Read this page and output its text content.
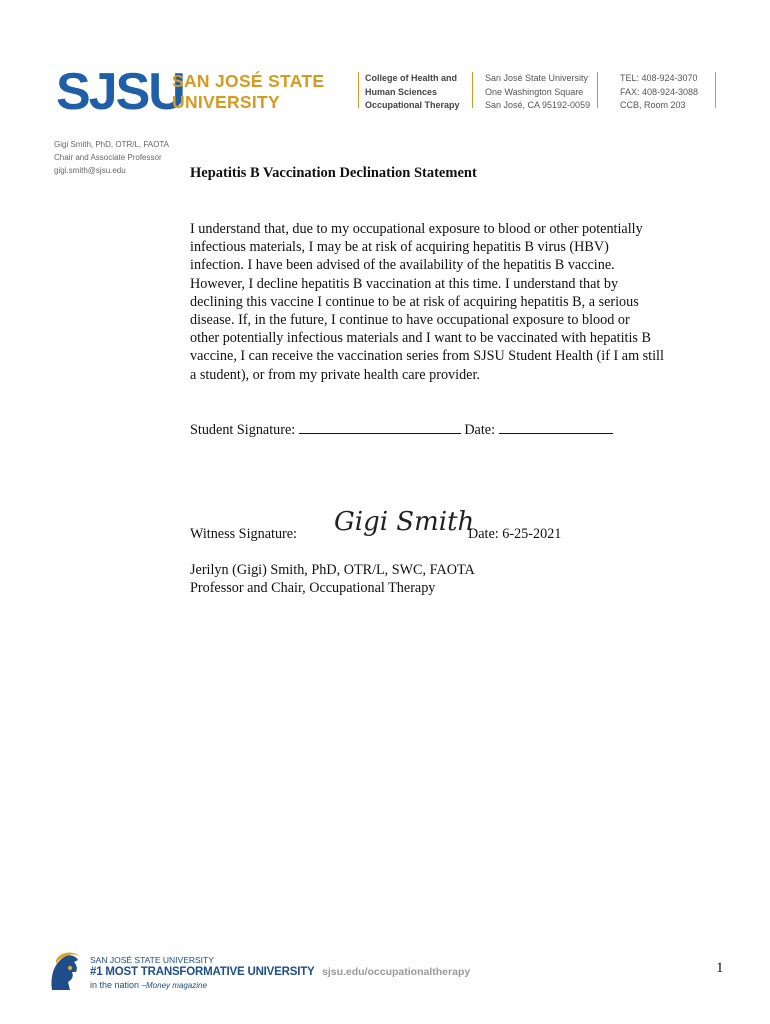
SJSU
SAN JOSÉ STATE
UNIVERSITY
College of Health and
Human Sciences
Occupational Therapy
San José State University
One Washington Square
San José, CA 95192-0059
TEL: 408-924-3070
FAX: 408-924-3088
CCB, Room 203
Gigi Smith, PhD, OTR/L, FAOTA
Chair and Associate Professor
gigi.smith@sjsu.edu	Hepatitis B Vaccination Declination Statement
I understand that, due to my occupational exposure to blood or other potentially
infectious materials, I may be at risk of acquiring hepatitis B virus (HBV)
infection. I have been advised of the availability of the hepatitis B vaccine.
However, I decline hepatitis B vaccination at this time. I understand that by
declining this vaccine I continue to be at risk of acquiring hepatitis B, a serious
disease. If, in the future, I continue to have occupational exposure to blood or
other potentially infectious materials and I want to be vaccinated with hepatitis B
vaccine, I can receive the vaccination series from SJSU Student Health (if I am still
a student), or from my private health care provider.
Student Signature:	Date:
Witness Signature: Gigi Smith
Date: 6-25-2021
Jerilyn (Gigi) Smith, PhD, OTR/L, SWC, FAOTA
Professor and Chair, Occupational Therapy
SAN JOSÉ STATE UNIVERSITY
#1 MOST TRANSFORMATIVE UNIVERSITY
in the nation –Money magazine
sjsu.edu/occupationaltherapy	1
